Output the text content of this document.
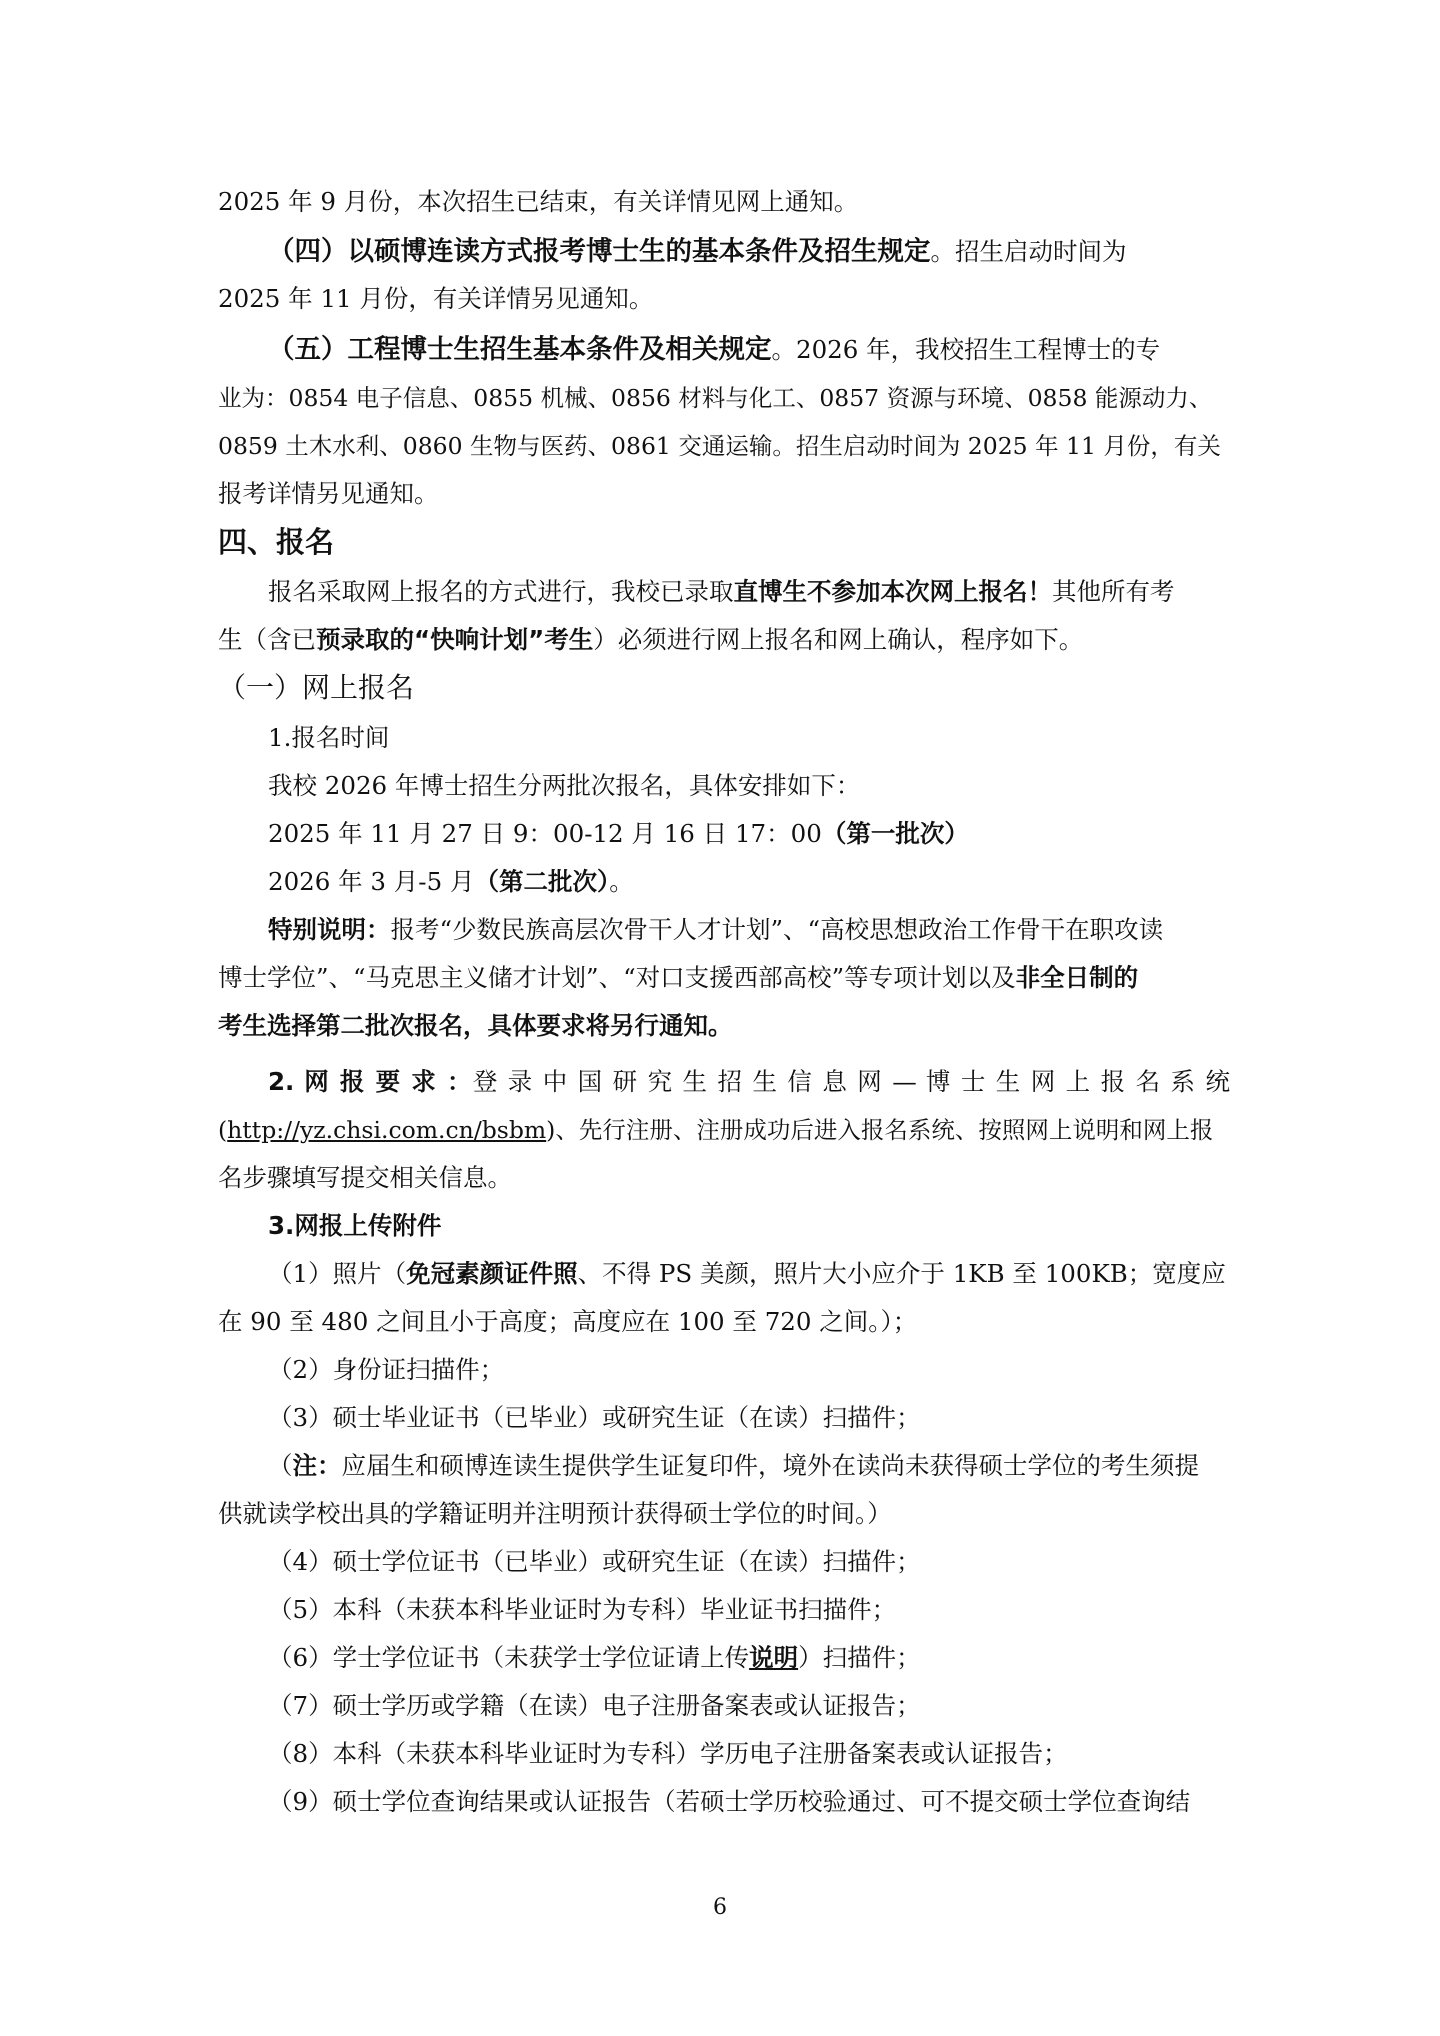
2025 年 9 月份，本次招生已结束，有关详情见网上通知。
（四）以硕博连读方式报考博士生的基本条件及招生规定。招生启动时间为
2025 年 11 月份，有关详情另见通知。
（五）工程博士生招生基本条件及相关规定。2026 年，我校招生工程博士的专
业为：0854 电子信息、0855 机械、0856 材料与化工、0857 资源与环境、0858 能源动力、
0859 土木水利、0860 生物与医药、0861 交通运输。招生启动时间为 2025 年 11 月份，有关
报考详情另见通知。
四、报名
报名采取网上报名的方式进行，我校已录取直博生不参加本次网上报名！其他所有考
生（含已预录取的“快响计划”考生）必须进行网上报名和网上确认，程序如下。
（一）网上报名
1.报名时间
我校 2026 年博士招生分两批次报名，具体安排如下：
2025 年 11 月 27 日 9：00-12 月 16 日 17：00（第一批次）
2026 年 3 月-5 月（第二批次）。
特别说明：报考“少数民族高层次骨干人才计划”、“高校思想政治工作骨干在职攻读
博士学位”、“马克思主义储才计划”、“对口支援西部高校”等专项计划以及非全日制的
考生选择第二批次报名，具体要求将另行通知。
2. 网 报 要 求 ：登 录 中 国 研 究 生 招 生 信 息 网 — 博 士 生 网 上 报 名 系 统
(http://yz.chsi.com.cn/bsbm)、先行注册、注册成功后进入报名系统、按照网上说明和网上报
名步骤填写提交相关信息。
3.网报上传附件
（1）照片（免冠素颜证件照、不得 PS 美颜，照片大小应介于 1KB 至 100KB；宽度应
在 90 至 480 之间且小于高度；高度应在 100 至 720 之间。）；
（2）身份证扫描件；
（3）硕士毕业证书（已毕业）或研究生证（在读）扫描件；
（注：应届生和硕博连读生提供学生证复印件，境外在读尚未获得硕士学位的考生须提
供就读学校出具的学籍证明并注明预计获得硕士学位的时间。）
（4）硕士学位证书（已毕业）或研究生证（在读）扫描件；
（5）本科（未获本科毕业证时为专科）毕业证书扫描件；
（6）学士学位证书（未获学士学位证请上传说明）扫描件；
（7）硕士学历或学籍（在读）电子注册备案表或认证报告；
（8）本科（未获本科毕业证时为专科）学历电子注册备案表或认证报告；
（9）硕士学位查询结果或认证报告（若硕士学历校验通过、可不提交硕士学位查询结
6
